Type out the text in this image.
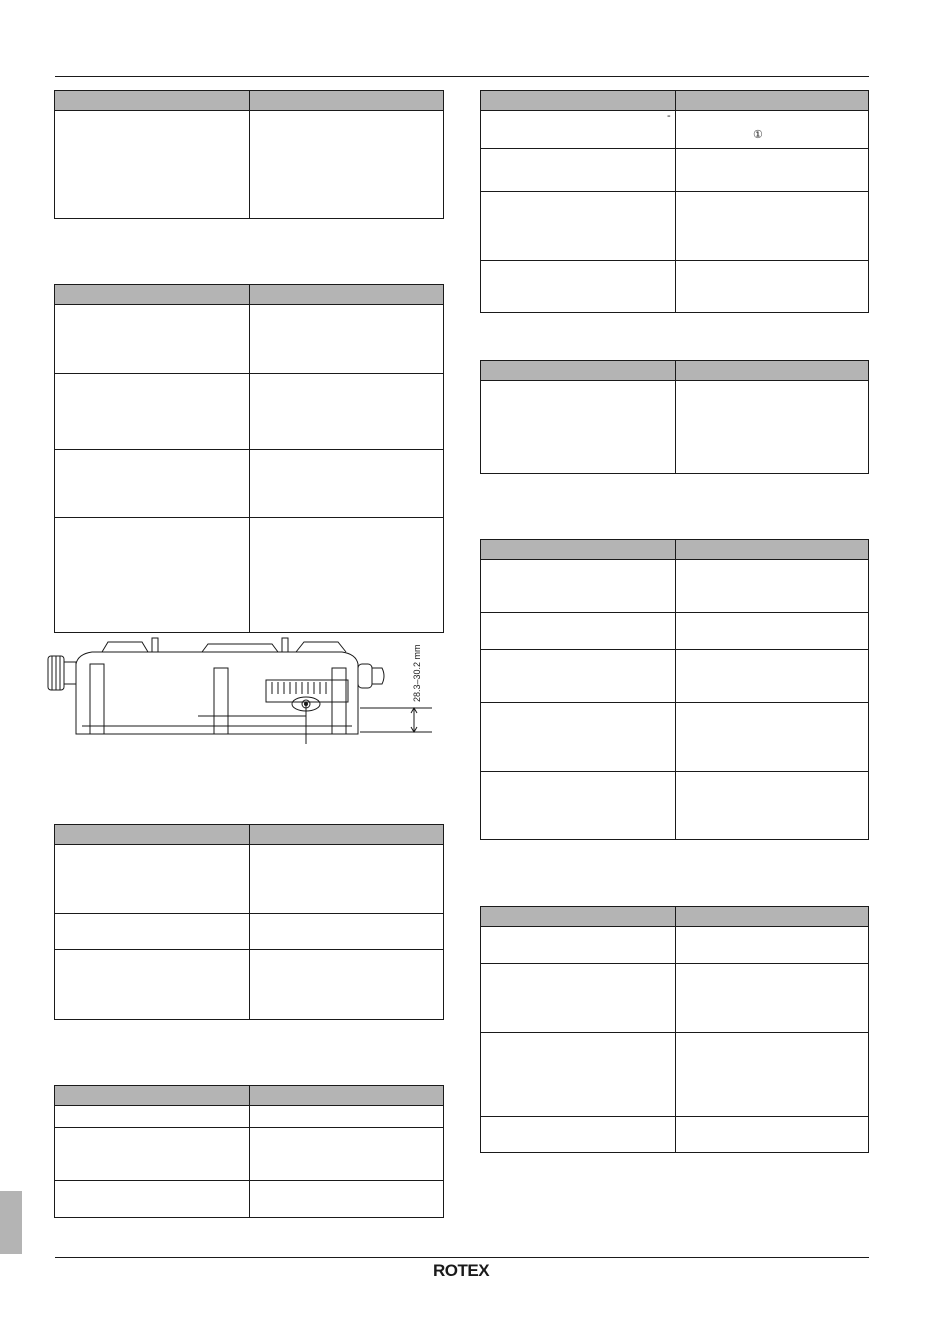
28.3–30.2 mm
-
①
ROTEX
